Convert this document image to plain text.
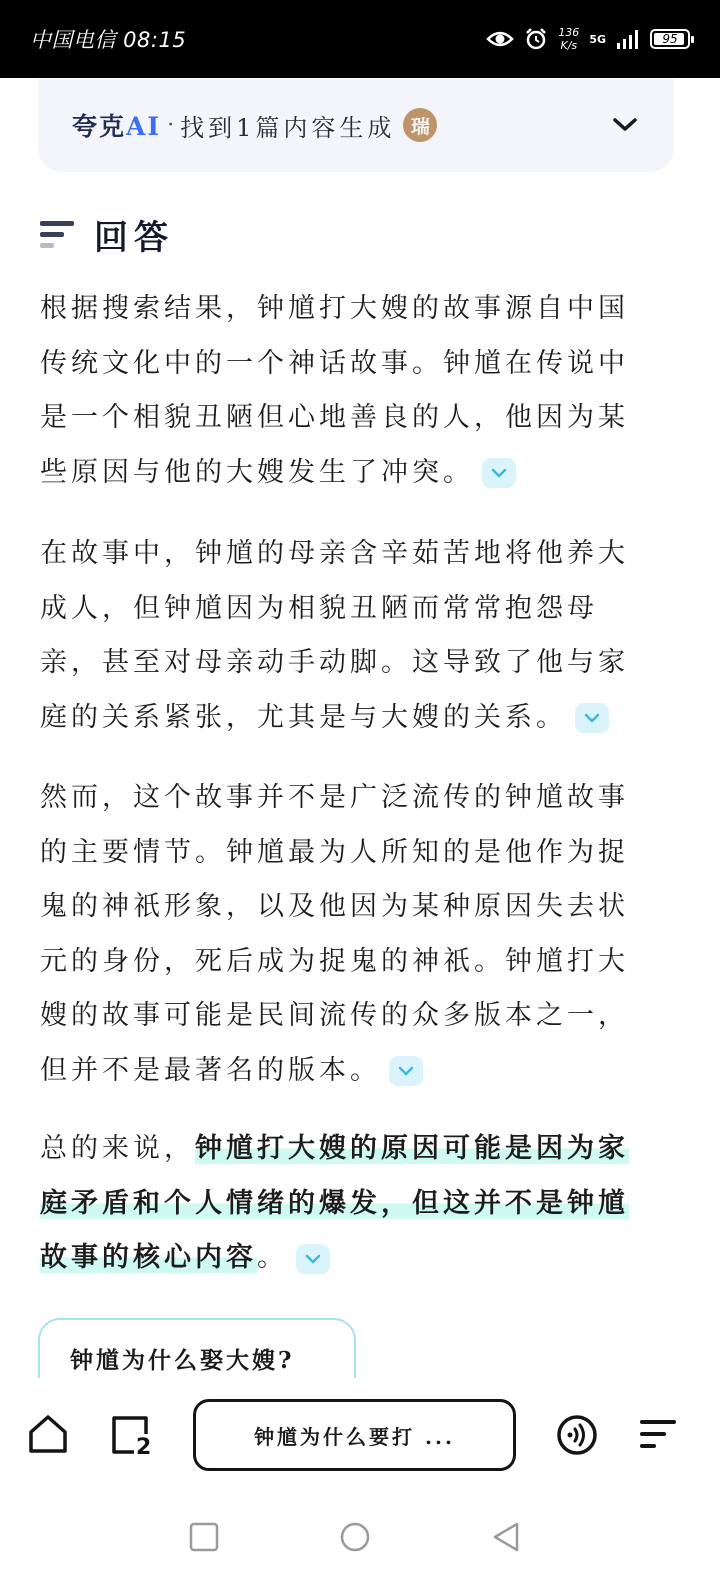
中国电信 08:15	136
K/s 5G	95
夸克AI · 找到1篇内容生成 瑞
回答

根据搜索结果，钟馗打大嫂的故事源自中国传统文化中的一个神话故事。钟馗在传说中是一个相貌丑陋但心地善良的人，他因为某些原因与他的大嫂发生了冲突。

在故事中，钟馗的母亲含辛茹苦地将他养大成人，但钟馗因为相貌丑陋而常常抱怨母亲，甚至对母亲动手动脚。这导致了他与家庭的关系紧张，尤其是与大嫂的关系。

然而，这个故事并不是广泛流传的钟馗故事的主要情节。钟馗最为人所知的是他作为捉鬼的神祇形象，以及他因为某种原因失去状元的身份，死后成为捉鬼的神祇。钟馗打大嫂的故事可能是民间流传的众多版本之一，但并不是最著名的版本。

总的来说，钟馗打大嫂的原因可能是因为家庭矛盾和个人情绪的爆发，但这并不是钟馗故事的核心内容。

钟馗为什么娶大嫂?
2	钟馗为什么要打 ...
